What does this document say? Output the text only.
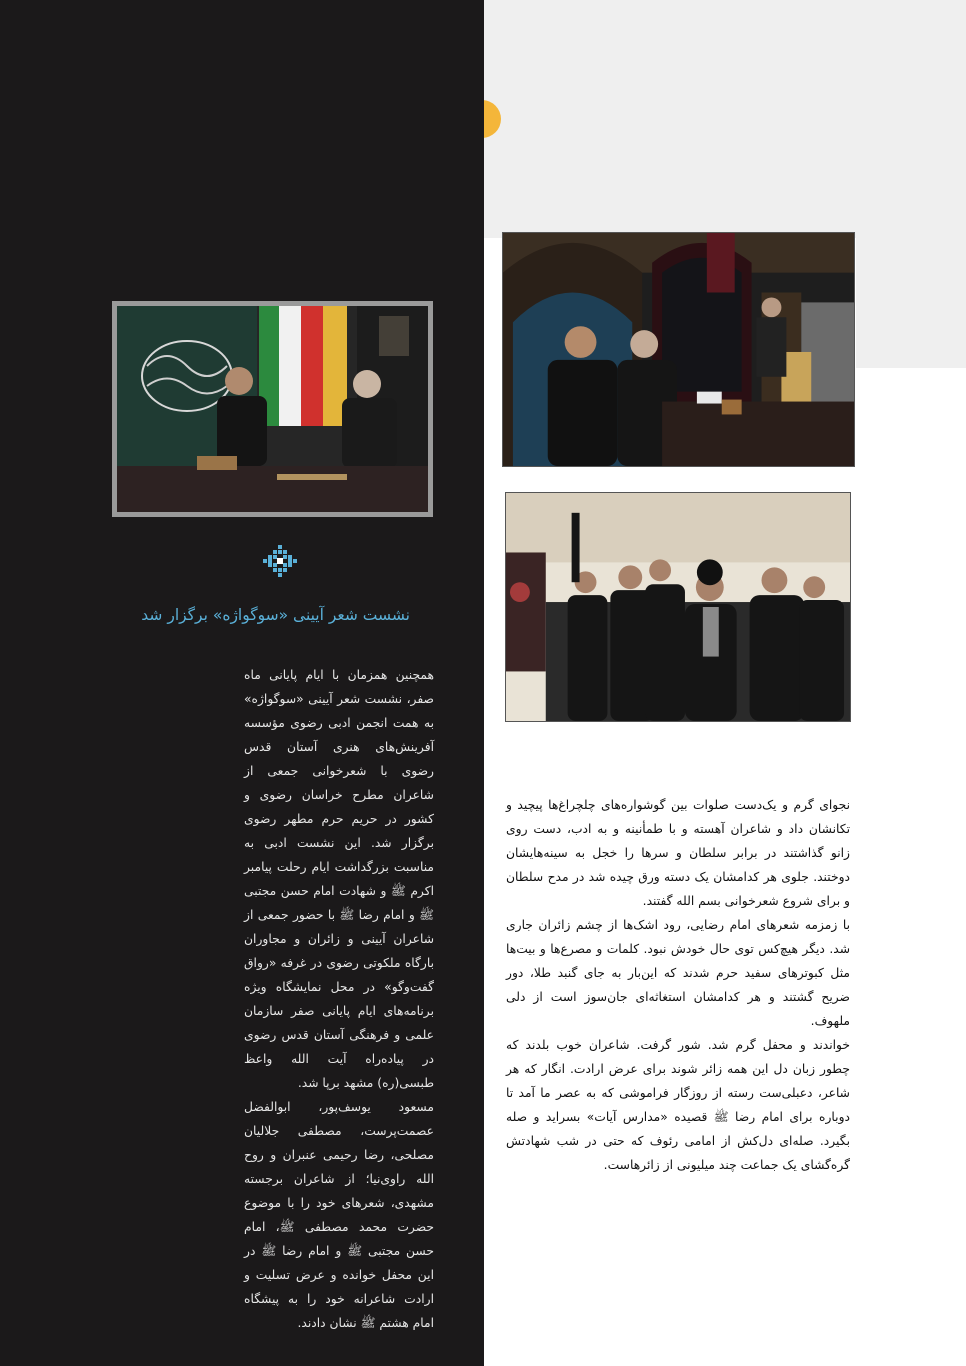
نشست شعر آیینی «سوگواژه» برگزار شد

همچنین همزمان با ایام پایانی ماه صفر، نشست شعر آیینی «سوگواژه» به همت انجمن ادبی رضوی مؤسسه آفرینش‌های هنری آستان قدس رضوی با شعرخوانی جمعی از شاعران مطرح خراسان رضوی و کشور در حریم حرم مطهر رضوی برگزار شد. این نشست ادبی به مناسبت بزرگداشت ایام رحلت پیامبر اکرم ﷺ و شهادت امام حسن مجتبی ﷺ و امام رضا ﷺ با حضور جمعی از شاعران آیینی و زائران و مجاوران بارگاه ملکوتی رضوی در غرفه «رواق گفت‌وگو» در محل نمایشگاه ویژه برنامه‌های ایام پایانی صفر سازمان علمی و فرهنگی آستان قدس رضوی در پیاده‌راه آیت الله واعظ طبسی(ره) مشهد برپا شد.

مسعود یوسف‌پور، ابوالفضل عصمت‌پرست، مصطفی جلالیان مصلحی، رضا رحیمی عنبران و روح الله راوی‌نیا؛ از شاعران برجسته مشهدی، شعرهای خود را با موضوع حضرت محمد مصطفی ﷺ، امام حسن مجتبی ﷺ و امام رضا ﷺ در این محفل خوانده و عرض تسلیت و ارادت شاعرانه خود را به پیشگاه امام هشتم ﷺ نشان دادند.

نجوای گرم و یک‌دست صلوات بین گوشواره‌های چلچراغ‌ها پیچید و تکانشان داد و شاعران آهسته و با طمأنینه و به ادب، دست روی زانو گذاشتند در برابر سلطان و سرها را خجل به سینه‌هایشان دوختند. جلوی هر کدامشان یک دسته ورق چیده شد در مدح سلطان و برای شروع شعرخوانی بسم الله گفتند.

با زمزمه شعرهای امام رضایی، رود اشک‌ها از چشم زائران جاری شد. دیگر هیچ‌کس توی حال خودش نبود. کلمات و مصرع‌ها و بیت‌ها مثل کبوترهای سفید حرم شدند که این‌بار به جای گنبد طلا، دور ضریح گشتند و هر کدامشان استغاثه‌ای جان‌سوز است از دلی ملهوف.

خواندند و محفل گرم شد. شور گرفت. شاعران خوب بلدند که چطور زبان دل این همه زائر شوند برای عرض ارادت. انگار که هر شاعر، دعبلی‌ست رسته از روزگار فراموشی که به عصر ما آمد تا دوباره برای امام رضا ﷺ قصیده «مدارس آیات» بسراید و صله بگیرد. صله‌ای دل‌کش از امامی رئوف که حتی در شب شهادتش گره‌گشای یک جماعت چند میلیونی از زائرهاست.
